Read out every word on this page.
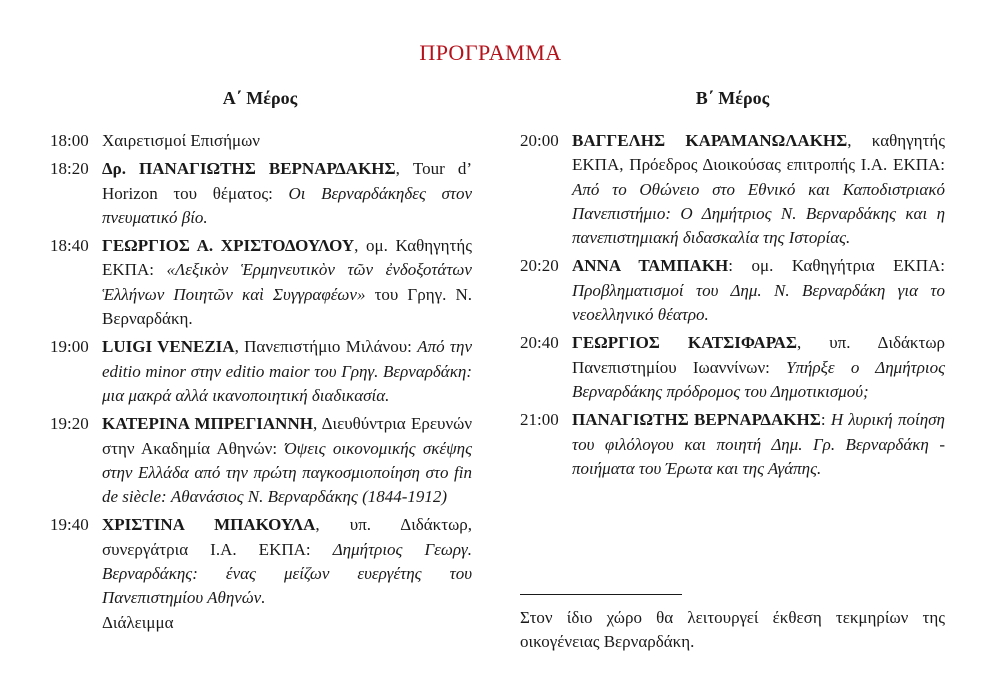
ΠΡΟΓΡΑΜΜΑ
Α΄ Μέρος	Β΄ Μέρος
18:00 Χαιρετισμοί Επισήμων
18:20 Δρ. ΠΑΝΑΓΙΩΤΗΣ ΒΕΡΝΑΡΔΑΚΗΣ, Tour d’ Horizon του θέματος: Οι Βερναρδάκηδες στον πνευματικό βίο.
18:40 ΓΕΩΡΓΙΟΣ Α. ΧΡΙΣΤΟΔΟΥΛΟΥ, ομ. Καθηγητής ΕΚΠΑ: «Λεξικὸν Ἑρμηνευτικὸν τῶν ἐνδοξοτάτων Ἑλλήνων Ποιητῶν καὶ Συγγραφέων» του Γρηγ. Ν. Βερναρδάκη.
19:00 LUIGI VENEZIA, Πανεπιστήμιο Μιλάνου: Από την editio minor στην editio maior του Γρηγ. Βερναρδάκη: μια μακρά αλλά ικανοποιητική διαδικασία.
19:20 ΚΑΤΕΡΙΝΑ ΜΠΡΕΓΙΑΝΝΗ, Διευθύντρια Ερευνών στην Ακαδημία Αθηνών: Όψεις οικονομικής σκέψης στην Ελλάδα από την πρώτη παγκοσμιοποίηση στο fin de siècle: Αθανάσιος Ν. Βερναρδάκης (1844-1912)
19:40 ΧΡΙΣΤΙΝΑ ΜΠΑΚΟΥΛΑ, υπ. Διδάκτωρ, συνεργάτρια Ι.Α. ΕΚΠΑ: Δημήτριος Γεωργ. Βερναρδάκης: ένας μείζων ευεργέτης του Πανεπιστημίου Αθηνών.
Διάλειμμα
20:00 ΒΑΓΓΕΛΗΣ ΚΑΡΑΜΑΝΩΛΑΚΗΣ, καθηγητής ΕΚΠΑ, Πρόεδρος Διοικούσας επιτροπής Ι.Α. ΕΚΠΑ: Από το Οθώνειο στο Εθνικό και Καποδιστριακό Πανεπιστήμιο: Ο Δημήτριος Ν. Βερναρδάκης και η πανεπιστημιακή διδασκαλία της Ιστορίας.
20:20 ΑΝΝΑ ΤΑΜΠΑΚΗ: ομ. Καθηγήτρια ΕΚΠΑ: Προβληματισμοί του Δημ. Ν. Βερναρδάκη για το νεοελληνικό θέατρο.
20:40 ΓΕΩΡΓΙΟΣ ΚΑΤΣΙΦΑΡΑΣ, υπ. Διδάκτωρ Πανεπιστημίου Ιωαννίνων: Υπήρξε ο Δημήτριος Βερναρδάκης πρόδρομος του Δημοτικισμού;
21:00 ΠΑΝΑΓΙΩΤΗΣ ΒΕΡΝΑΡΔΑΚΗΣ: Η λυρική ποίηση του φιλόλογου και ποιητή Δημ. Γρ. Βερναρδάκη - ποιήματα του Έρωτα και της Αγάπης.
Στον ίδιο χώρο θα λειτουργεί έκθεση τεκμηρίων της οικογένειας Βερναρδάκη.
